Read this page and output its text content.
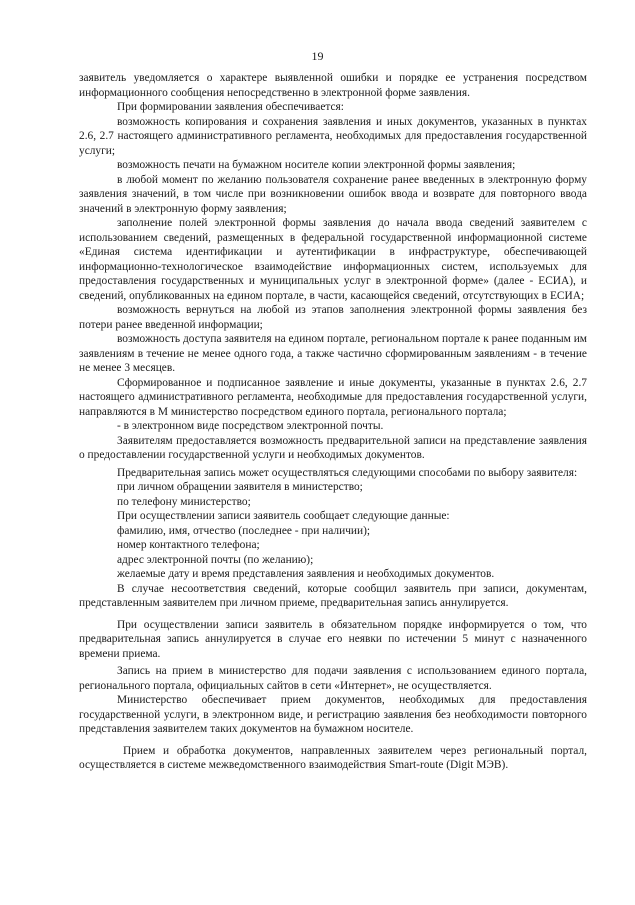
19

заявитель уведомляется о характере выявленной ошибки и порядке ее устранения посредством информационного сообщения непосредственно в электронной форме заявления.

При формировании заявления обеспечивается:

возможность копирования и сохранения заявления и иных документов, указанных в пунктах 2.6, 2.7 настоящего административного регламента, необходимых для предоставления государственной услуги;

возможность печати на бумажном носителе копии электронной формы заявления;

в любой момент по желанию пользователя сохранение ранее введенных в электронную форму заявления значений, в том числе при возникновении ошибок ввода и возврате для повторного ввода значений в электронную форму заявления;

заполнение полей электронной формы заявления до начала ввода сведений заявителем с использованием сведений, размещенных в федеральной государственной информационной системе «Единая система идентификации и аутентификации в инфраструктуре, обеспечивающей информационно-технологическое взаимодействие информационных систем, используемых для предоставления государственных и муниципальных услуг в электронной форме» (далее - ЕСИА), и сведений, опубликованных на едином портале, в части, касающейся сведений, отсутствующих в ЕСИА;

возможность вернуться на любой из этапов заполнения электронной формы заявления без потери ранее введенной информации;

возможность доступа заявителя на едином портале, региональном портале к ранее поданным им заявлениям в течение не менее одного года, а также частично сформированным заявлениям - в течение не менее 3 месяцев.

Сформированное и подписанное заявление и иные документы, указанные в пунктах 2.6, 2.7 настоящего административного регламента, необходимые для предоставления государственной услуги, направляются в М министерство посредством единого портала, регионального портала;

- в электронном виде посредством электронной почты.

Заявителям предоставляется возможность предварительной записи на представление заявления о предоставлении государственной услуги и необходимых документов.

Предварительная запись может осуществляться следующими способами по выбору заявителя:

при личном обращении заявителя в министерство;

по телефону министерство;

При осуществлении записи заявитель сообщает следующие данные:

фамилию, имя, отчество (последнее - при наличии);

номер контактного телефона;

адрес электронной почты (по желанию);

желаемые дату и время представления заявления и необходимых документов.

В случае несоответствия сведений, которые сообщил заявитель при записи, документам, представленным заявителем при личном приеме, предварительная запись аннулируется.

При осуществлении записи заявитель в обязательном порядке информируется о том, что предварительная запись аннулируется в случае его неявки по истечении 5 минут с назначенного времени приема.

Запись на прием в министерство для подачи заявления с использованием единого портала, регионального портала, официальных сайтов в сети «Интернет», не осуществляется.

Министерство обеспечивает прием документов, необходимых для предоставления государственной услуги, в электронном виде, и регистрацию заявления без необходимости повторного представления заявителем таких документов на бумажном носителе.

Прием и обработка документов, направленных заявителем через региональный портал, осуществляется в системе межведомственного взаимодействия Smart-route (Digit МЭВ).
